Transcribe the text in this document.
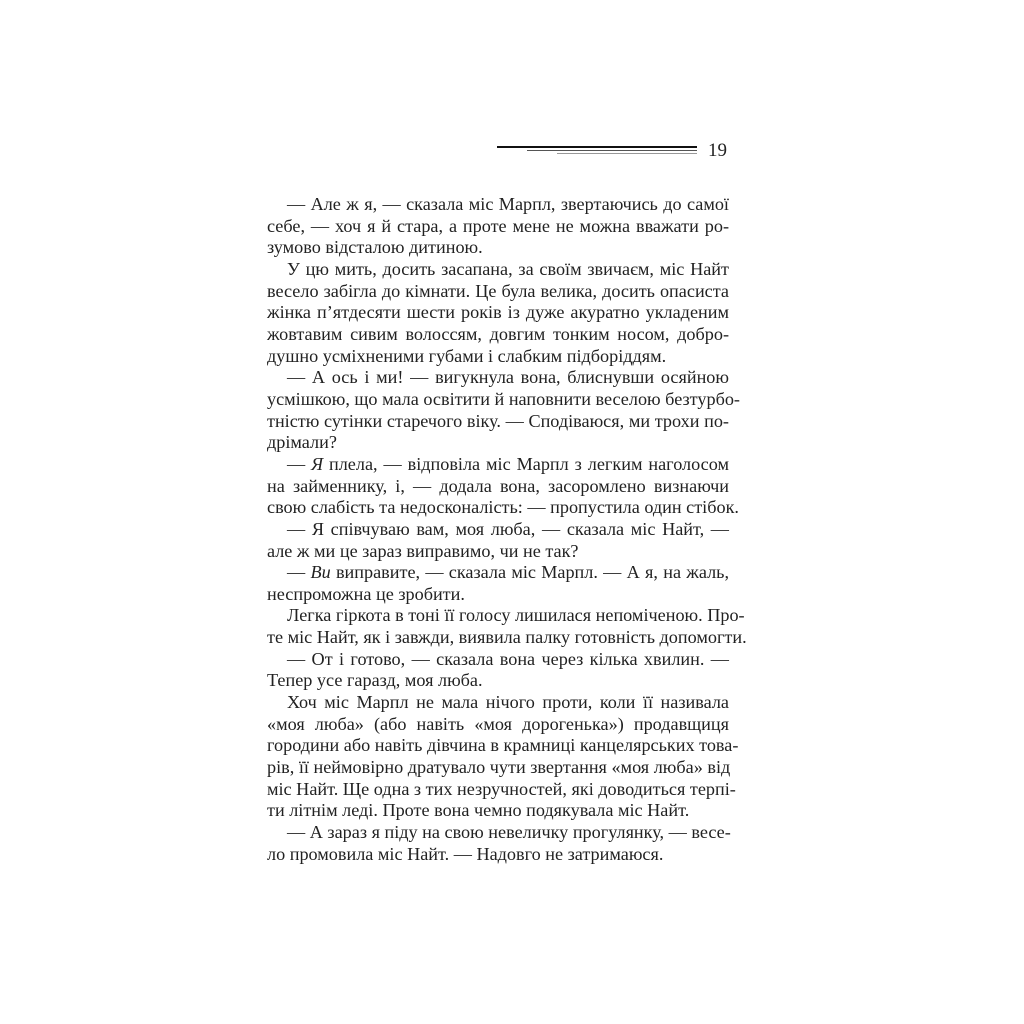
19
— Але ж я, — сказала міс Марпл, звертаючись до самої
себе, — хоч я й стара, а проте мене не можна вважати ро-
зумово відсталою дитиною.
У цю мить, досить засапана, за своїм звичаєм, міс Найт
весело забігла до кімнати. Це була велика, досить опасиста
жінка п’ятдесяти шести років із дуже акуратно укладеним
жовтавим сивим волоссям, довгим тонким носом, добро-
душно усміхненими губами і слабким підборіддям.
— А ось і ми! — вигукнула вона, блиснувши осяйною
усмішкою, що мала освітити й наповнити веселою безтурбо-
тністю сутінки старечого віку. — Сподіваюся, ми трохи по-
дрімали?
— Я плела, — відповіла міс Марпл з легким наголосом
на займеннику, і, — додала вона, засоромлено визнаючи
свою слабість та недосконалість: — пропустила один стібок.
— Я співчуваю вам, моя люба, — сказала міс Найт, —
але ж ми це зараз виправимо, чи не так?
— Ви виправите, — сказала міс Марпл. — А я, на жаль,
неспроможна це зробити.
Легка гіркота в тоні її голосу лишилася непоміченою. Про-
те міс Найт, як і завжди, виявила палку готовність допомогти.
— От і готово, — сказала вона через кілька хвилин. —
Тепер усе гаразд, моя люба.
Хоч міс Марпл не мала нічого проти, коли її називала
«моя люба» (або навіть «моя дорогенька») продавщиця
городини або навіть дівчина в крамниці канцелярських това-
рів, її неймовірно дратувало чути звертання «моя люба» від
міс Найт. Ще одна з тих незручностей, які доводиться терпі-
ти літнім леді. Проте вона чемно подякувала міс Найт.
— А зараз я піду на свою невеличку прогулянку, — весе-
ло промовила міс Найт. — Надовго не затримаюся.
